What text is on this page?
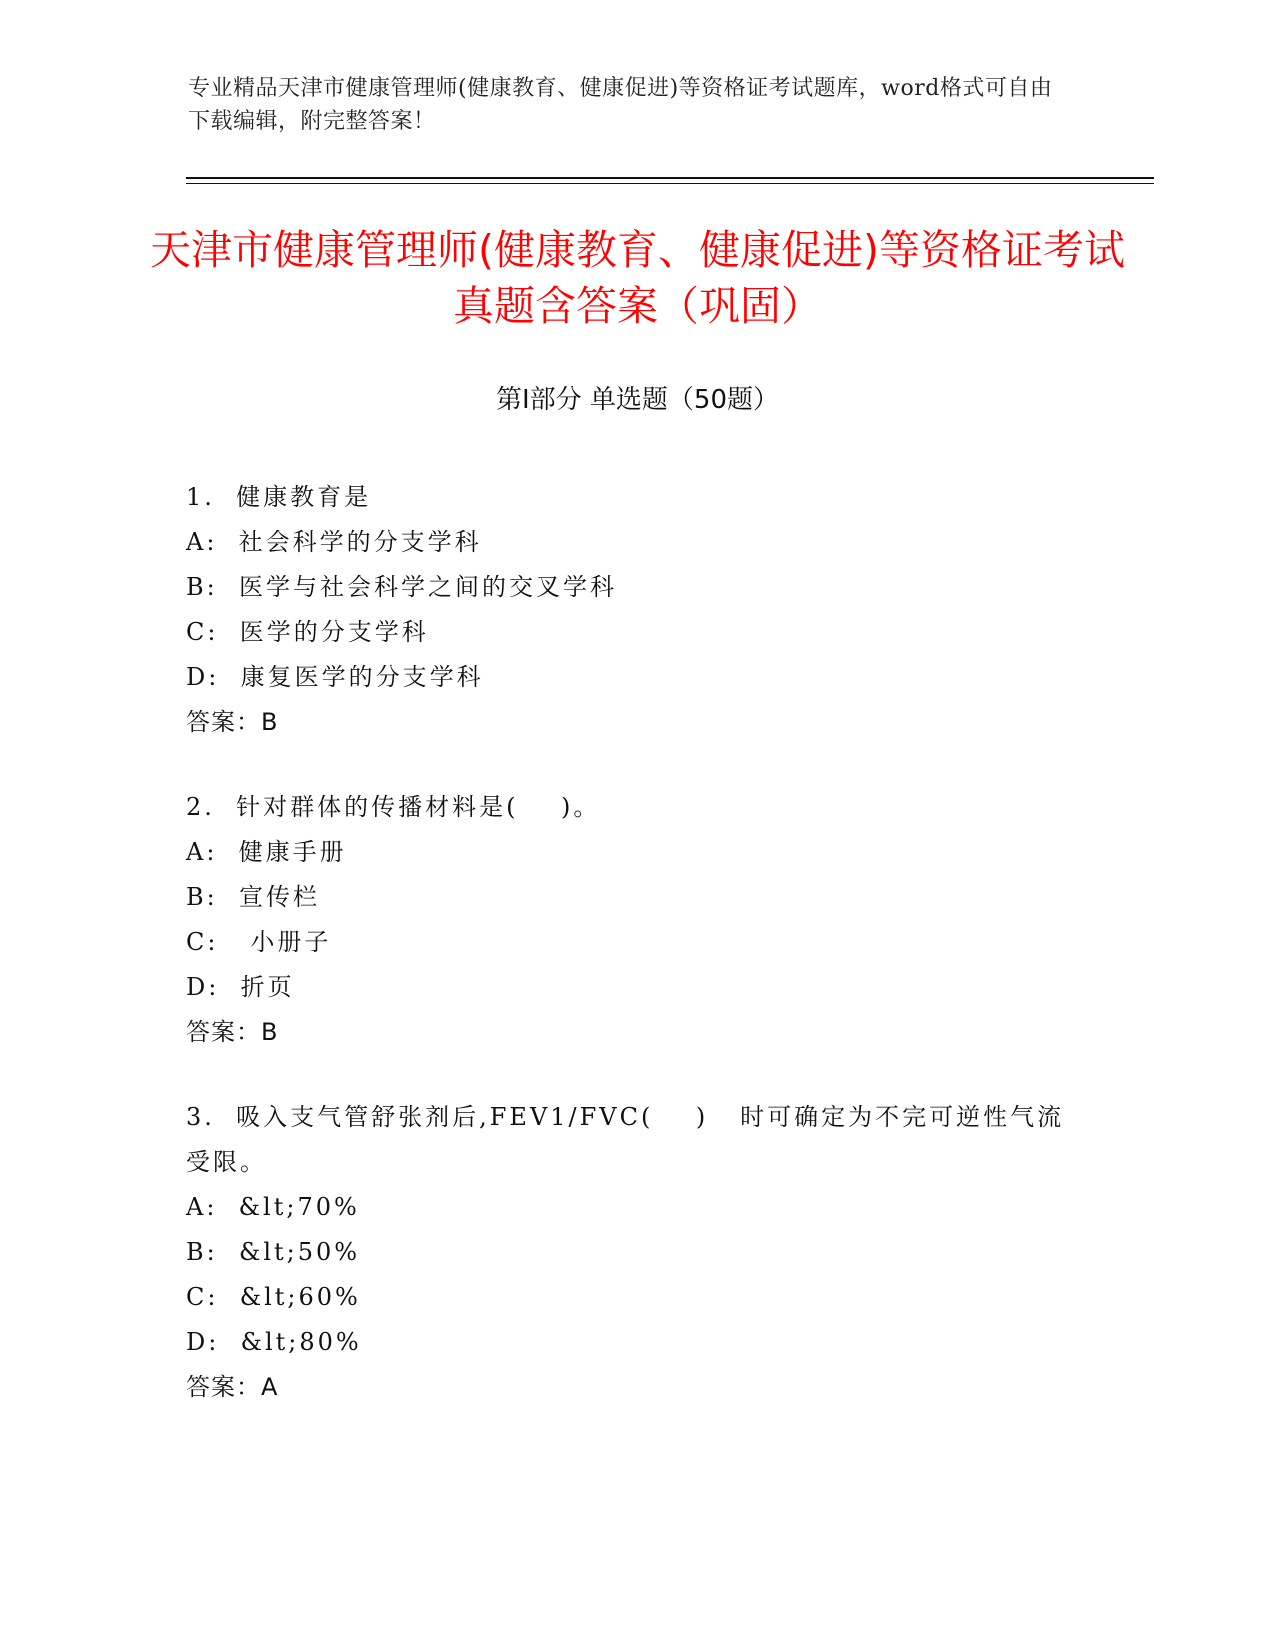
专业精品天津市健康管理师(健康教育、健康促进)等资格证考试题库，word格式可自由下载编辑，附完整答案！
天津市健康管理师(健康教育、健康促进)等资格证考试真题含答案（巩固）
第Ⅰ部分 单选题（50题）
1.  健康教育是
A:  社会科学的分支学科
B:  医学与社会科学之间的交叉学科
C:  医学的分支学科
D:  康复医学的分支学科
答案：B
2.  针对群体的传播材料是(    )。
A:  健康手册
B:  宣传栏
C:   小册子
D:  折页
答案：B
3.  吸入支气管舒张剂后,FEV1/FVC(    )   时可确定为不完可逆性气流受限。
A:  &lt;70%
B:  &lt;50%
C:  &lt;60%
D:  &lt;80%
答案：A
